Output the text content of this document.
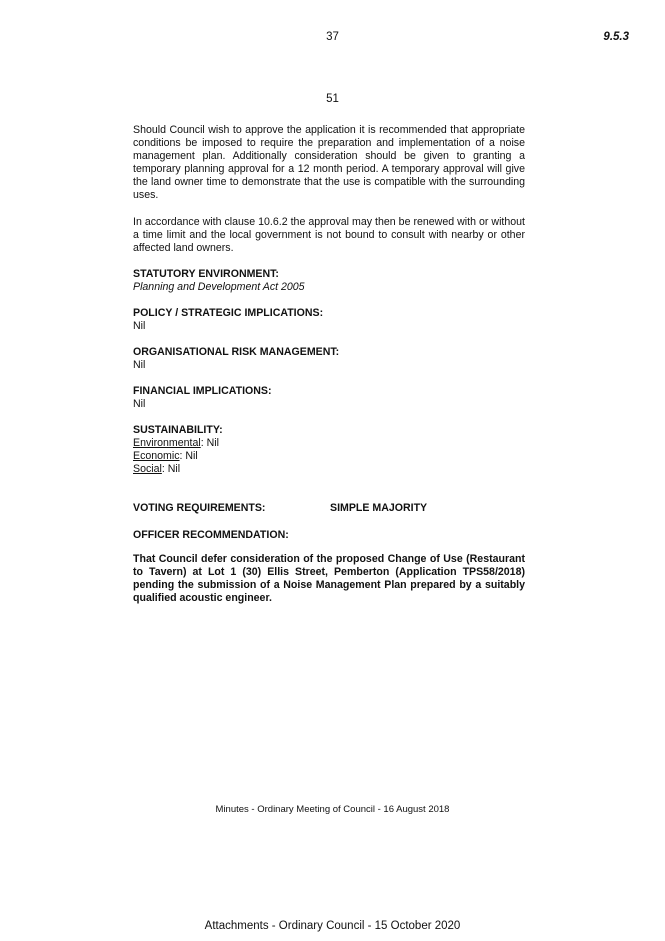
37	9.5.3
51

Should Council wish to approve the application it is recommended that appropriate conditions be imposed to require the preparation and implementation of a noise management plan. Additionally consideration should be given to granting a temporary planning approval for a 12 month period. A temporary approval will give the land owner time to demonstrate that the use is compatible with the surrounding uses.

In accordance with clause 10.6.2 the approval may then be renewed with or without a time limit and the local government is not bound to consult with nearby or other affected land owners.

STATUTORY ENVIRONMENT:

Planning and Development Act 2005

POLICY / STRATEGIC IMPLICATIONS:

Nil

ORGANISATIONAL RISK MANAGEMENT:

Nil

FINANCIAL IMPLICATIONS:

Nil

SUSTAINABILITY:

Environmental: Nil

Economic: Nil

Social: Nil

VOTING REQUIREMENTS:	SIMPLE MAJORITY

OFFICER RECOMMENDATION:

That Council defer consideration of the proposed Change of Use (Restaurant to Tavern) at Lot 1 (30) Ellis Street, Pemberton (Application TPS58/2018) pending the submission of a Noise Management Plan prepared by a suitably qualified acoustic engineer.

Minutes - Ordinary Meeting of Council - 16 August 2018
Attachments - Ordinary Council - 15 October 2020
